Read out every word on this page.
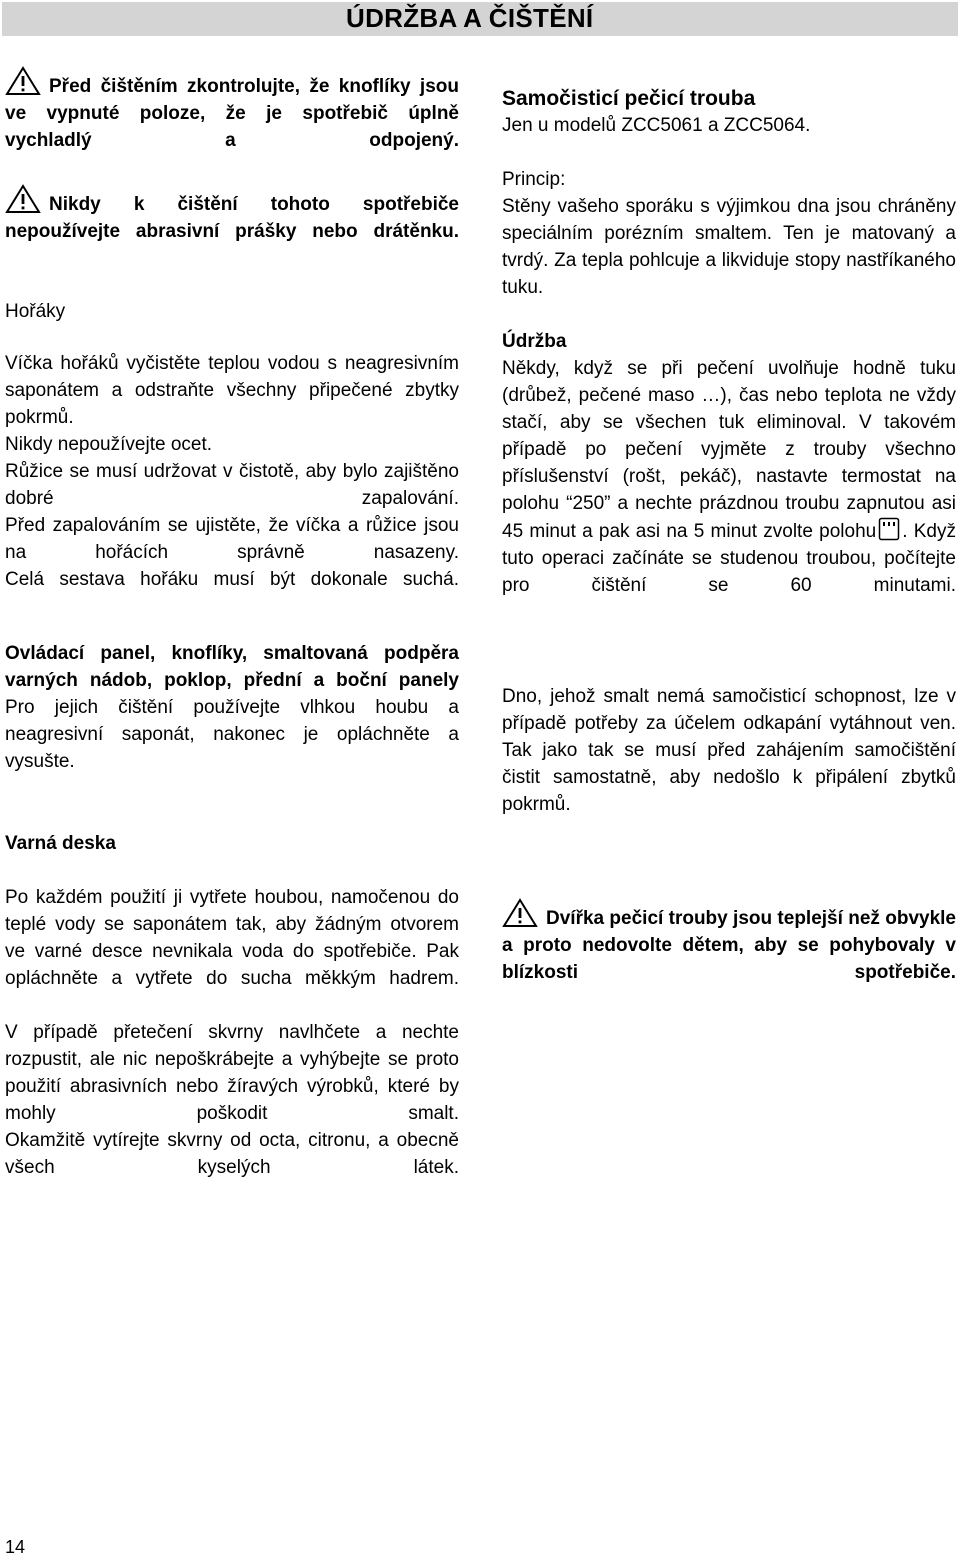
ÚDRŽBA A ČIŠTĚNÍ

Před čištěním zkontrolujte, že knoflíky jsou ve vypnuté poloze, že je spotřebič úplně vychladlý a odpojený.

Nikdy k čištění tohoto spotřebiče nepoužívejte abrasivní prášky nebo drátěnku.

Hořáky

Víčka hořáků vyčistěte teplou vodou s neagresivním saponátem a odstraňte všechny připečené zbytky pokrmů.

Nikdy nepoužívejte ocet.

Růžice se musí udržovat v čistotě, aby bylo zajištěno dobré zapalování.

Před zapalováním se ujistěte, že víčka a růžice jsou na hořácích správně nasazeny.

Celá sestava hořáku musí být dokonale suchá.

Ovládací panel, knoflíky, smaltovaná podpěra varných nádob, poklop, přední a boční panely

Pro jejich čištění používejte vlhkou houbu a neagresivní saponát, nakonec je opláchněte a vysušte.

Varná deska

Po každém použití ji vytřete houbou, namočenou do teplé vody se saponátem tak, aby žádným otvorem ve varné desce nevnikala voda do spotřebiče. Pak opláchněte a vytřete do sucha měkkým hadrem.

V případě přetečení skvrny navlhčete a nechte rozpustit, ale nic nepoškrábejte a vyhýbejte se proto použití abrasivních nebo žíravých výrobků, které by mohly poškodit smalt.

Okamžitě vytírejte skvrny od octa, citronu, a obecně všech kyselých látek.

Samočisticí pečicí trouba

Jen u modelů ZCC5061 a ZCC5064.

Princip:

Stěny vašeho sporáku s výjimkou dna jsou chráněny speciálním porézním smaltem. Ten je matovaný a tvrdý. Za tepla pohlcuje a likviduje stopy nastříkaného tuku.

Údržba

Někdy, když se při pečení uvolňuje hodně tuku (drůbež, pečené maso …), čas nebo teplota ne vždy stačí, aby se všechen tuk eliminoval. V takovém případě po pečení vyjměte z trouby všechno příslušenství (rošt, pekáč), nastavte termostat na polohu “250” a nechte prázdnou troubu zapnutou asi 45 minut a pak asi na 5 minut zvolte polohu . Když tuto operaci začínáte se studenou troubou, počítejte pro čištění se 60 minutami.

Dno, jehož smalt nemá samočisticí schopnost, lze v případě potřeby za účelem odkapání vytáhnout ven.

Tak jako tak se musí před zahájením samočištění čistit samostatně, aby nedošlo k připálení zbytků pokrmů.

Dvířka pečicí trouby jsou teplejší než obvykle a proto nedovolte dětem, aby se pohybovaly v blízkosti spotřebiče.

14
